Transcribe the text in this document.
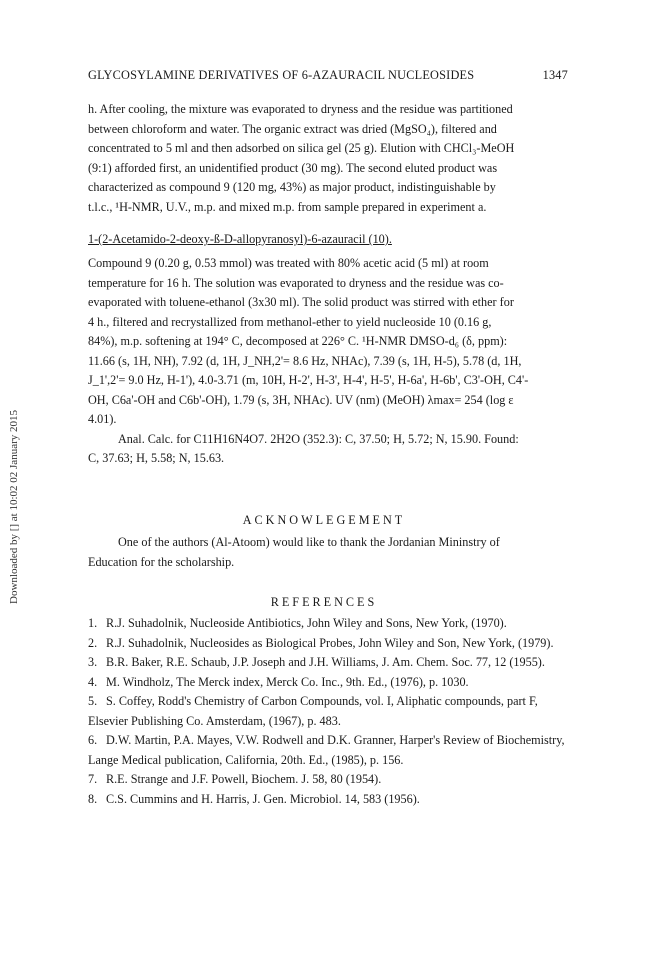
GLYCOSYLAMINE DERIVATIVES OF 6-AZAURACIL NUCLEOSIDES	1347
Downloaded by [] at 10:02 02 January 2015
h. After cooling, the mixture was evaporated to dryness and the residue was partitioned
between chloroform and water. The organic extract was dried (MgSO₄), filtered and
concentrated to 5 ml and then adsorbed on silica gel (25 g). Elution with CHCl₃-MeOH
(9:1) afforded first, an unidentified product (30 mg). The second eluted product was
characterized as compound 9 (120 mg, 43%) as major product, indistinguishable by
t.l.c., ¹H-NMR, U.V., m.p. and mixed m.p. from sample prepared in experiment a.
1-(2-Acetamido-2-deoxy-ß-D-allopyranosyl)-6-azauracil (10).
Compound 9 (0.20 g, 0.53 mmol) was treated with 80% acetic acid (5 ml) at room
temperature for 16 h. The solution was evaporated to dryness and the residue was co-
evaporated with toluene-ethanol (3x30 ml). The solid product was stirred with ether for
4 h., filtered and recrystallized from methanol-ether to yield nucleoside 10 (0.16 g,
84%), m.p. softening at 194° C, decomposed at 226° C. ¹H-NMR DMSO-d₆ (δ, ppm):
11.66 (s, 1H, NH), 7.92 (d, 1H, J_NH,2'= 8.6 Hz, NHAc), 7.39 (s, 1H, H-5), 5.78 (d, 1H,
J_1',2'= 9.0 Hz, H-1'), 4.0-3.71 (m, 10H, H-2', H-3', H-4', H-5', H-6a', H-6b', C3'-OH, C4'-
OH, C6a'-OH and C6b'-OH), 1.79 (s, 3H, NHAc). UV (nm) (MeOH) λmax= 254 (log ε
4.01).
Anal. Calc. for C11H16N4O7. 2H2O (352.3): C, 37.50; H, 5.72; N, 15.90. Found:
C, 37.63; H, 5.58; N, 15.63.
ACKNOWLEGEMENT
One of the authors (Al-Atoom) would like to thank the Jordanian Mininstry of
Education for the scholarship.
REFERENCES
1. R.J. Suhadolnik, Nucleoside Antibiotics, John Wiley and Sons, New York, (1970).
2. R.J. Suhadolnik, Nucleosides as Biological Probes, John Wiley and Son, New York, (1979).
3. B.R. Baker, R.E. Schaub, J.P. Joseph and J.H. Williams, J. Am. Chem. Soc. 77, 12 (1955).
4. M. Windholz, The Merck index, Merck Co. Inc., 9th. Ed., (1976), p. 1030.
5. S. Coffey, Rodd's Chemistry of Carbon Compounds, vol. I, Aliphatic compounds, part F, Elsevier Publishing Co. Amsterdam, (1967), p. 483.
6. D.W. Martin, P.A. Mayes, V.W. Rodwell and D.K. Granner, Harper's Review of Biochemistry, Lange Medical publication, California, 20th. Ed., (1985), p. 156.
7. R.E. Strange and J.F. Powell, Biochem. J. 58, 80 (1954).
8. C.S. Cummins and H. Harris, J. Gen. Microbiol. 14, 583 (1956).
